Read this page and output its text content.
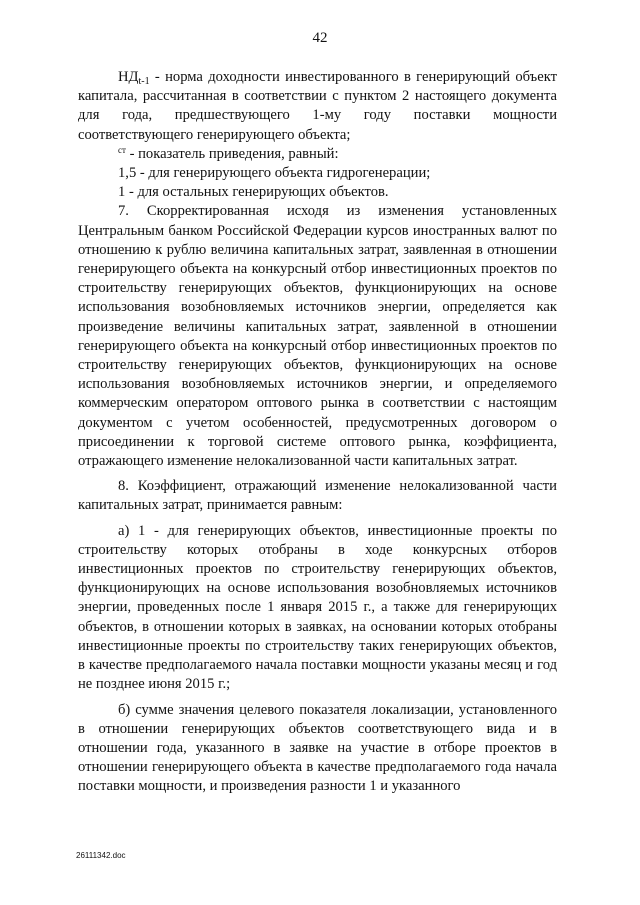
42

$НД_{t-1}$ - норма доходности инвестированного в генерирующий объект капитала, рассчитанная в соответствии с пунктом 2 настоящего документа для года, предшествующего 1-му году поставки мощности соответствующего генерирующего объекта;

$^{ст}$ - показатель приведения, равный:

1,5 - для генерирующего объекта гидрогенерации;

1 - для остальных генерирующих объектов.

7. Скорректированная исходя из изменения установленных Центральным банком Российской Федерации курсов иностранных валют по отношению к рублю величина капитальных затрат, заявленная в отношении генерирующего объекта на конкурсный отбор инвестиционных проектов по строительству генерирующих объектов, функционирующих на основе использования возобновляемых источников энергии, определяется как произведение величины капитальных затрат, заявленной в отношении генерирующего объекта на конкурсный отбор инвестиционных проектов по строительству генерирующих объектов, функционирующих на основе использования возобновляемых источников энергии, и определяемого коммерческим оператором оптового рынка в соответствии с настоящим документом с учетом особенностей, предусмотренных договором о присоединении к торговой системе оптового рынка, коэффициента, отражающего изменение нелокализованной части капитальных затрат.

8. Коэффициент, отражающий изменение нелокализованной части капитальных затрат, принимается равным:

а) 1 - для генерирующих объектов, инвестиционные проекты по строительству которых отобраны в ходе конкурсных отборов инвестиционных проектов по строительству генерирующих объектов, функционирующих на основе использования возобновляемых источников энергии, проведенных после 1 января 2015 г., а также для генерирующих объектов, в отношении которых в заявках, на основании которых отобраны инвестиционные проекты по строительству таких генерирующих объектов, в качестве предполагаемого начала поставки мощности указаны месяц и год не позднее июня 2015 г.;

б) сумме значения целевого показателя локализации, установленного в отношении генерирующих объектов соответствующего вида и в отношении года, указанного в заявке на участие в отборе проектов в отношении генерирующего объекта в качестве предполагаемого года начала поставки мощности, и произведения разности 1 и указанного

26111342.doc
